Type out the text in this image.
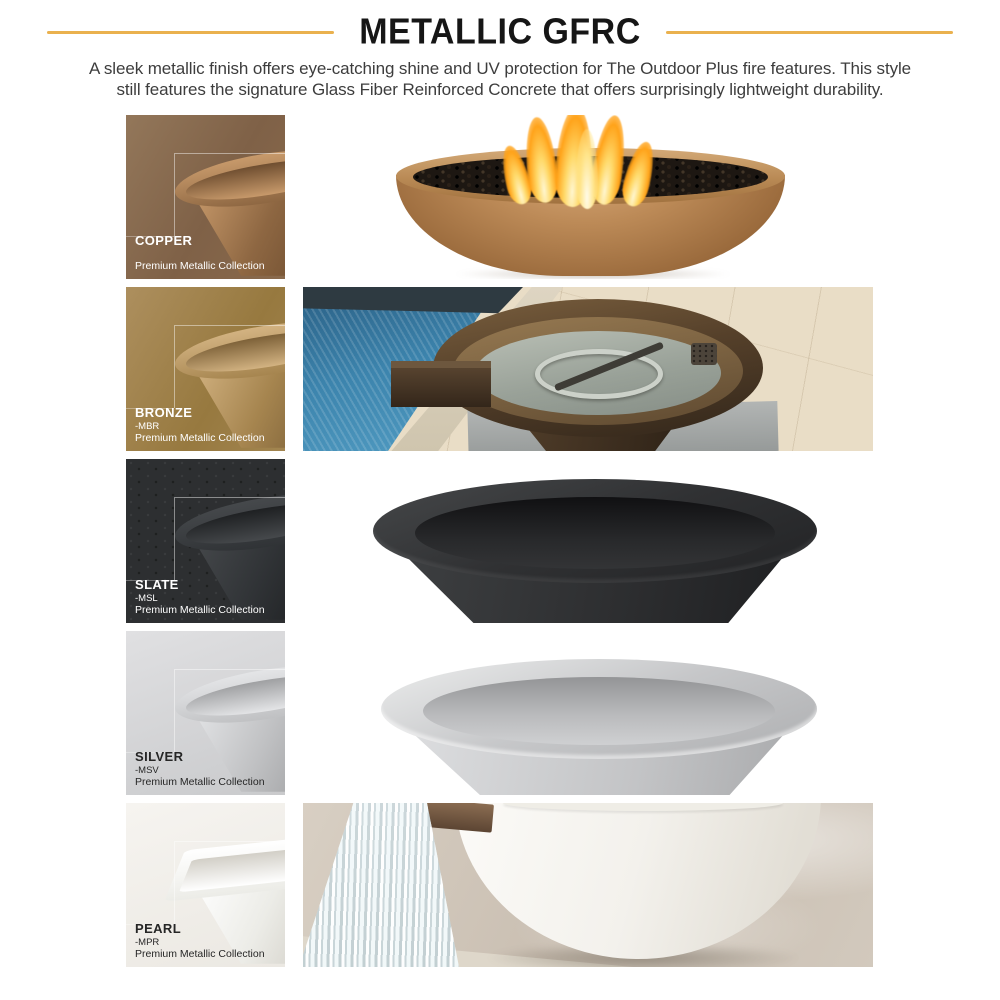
METALLIC GFRC

A sleek metallic finish offers eye-catching shine and UV protection for The Outdoor Plus fire features. This style still features the signature Glass Fiber Reinforced Concrete that offers surprisingly lightweight durability.

COPPER
Premium Metallic Collection
BRONZE
-MBR
Premium Metallic Collection
SLATE
-MSL
Premium Metallic Collection
SILVER
-MSV
Premium Metallic Collection
PEARL
-MPR
Premium Metallic Collection
